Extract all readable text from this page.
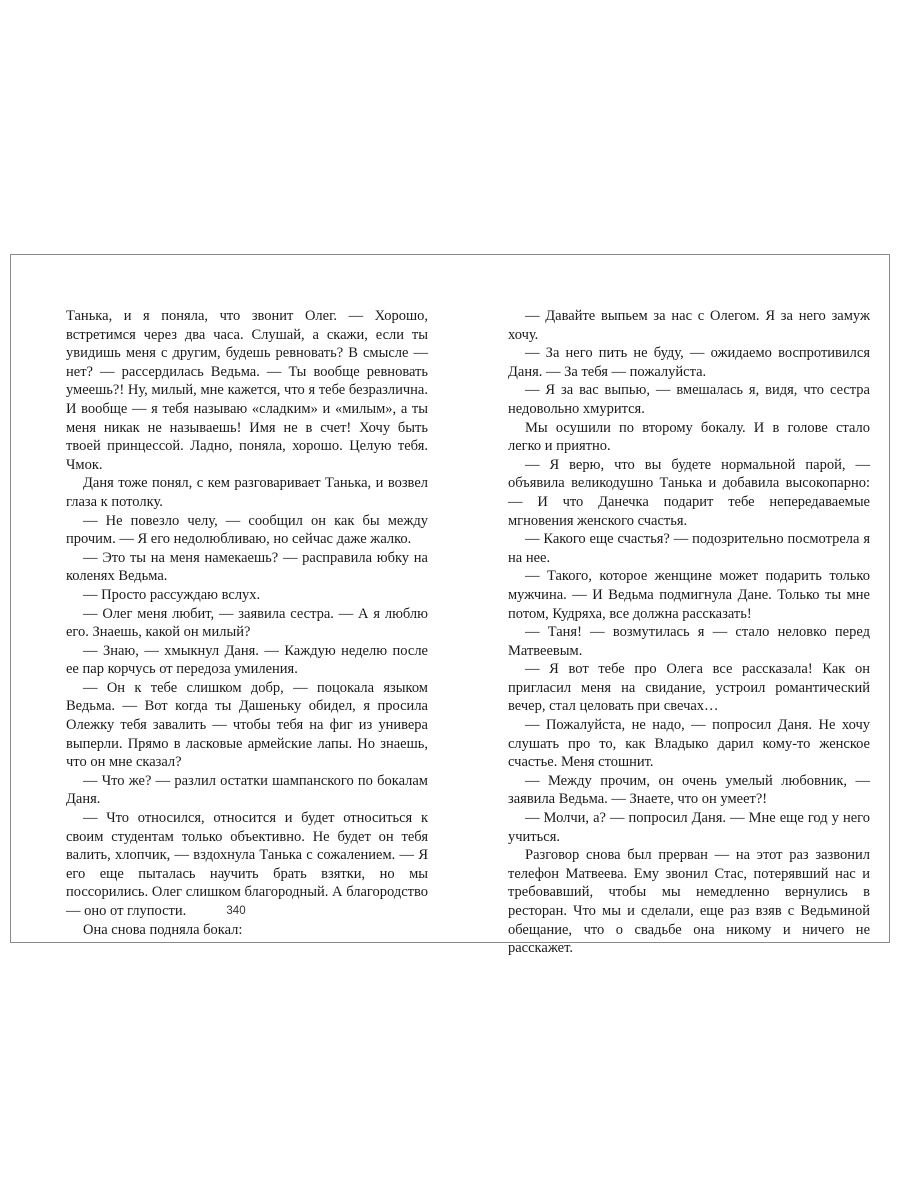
Танька, и я поняла, что звонит Олег. — Хорошо, встретимся через два часа. Слушай, а скажи, если ты увидишь меня с другим, будешь ревновать? В смысле — нет? — рассердилась Ведьма. — Ты вообще ревновать умеешь?! Ну, милый, мне кажется, что я тебе безразлична. И вообще — я тебя называю «сладким» и «милым», а ты меня никак не называешь! Имя не в счет! Хочу быть твоей принцессой. Ладно, поняла, хорошо. Целую тебя. Чмок.

Даня тоже понял, с кем разговаривает Танька, и возвел глаза к потолку.

— Не повезло челу, — сообщил он как бы между прочим. — Я его недолюбливаю, но сейчас даже жалко.

— Это ты на меня намекаешь? — расправила юбку на коленях Ведьма.

— Просто рассуждаю вслух.

— Олег меня любит, — заявила сестра. — А я люблю его. Знаешь, какой он милый?

— Знаю, — хмыкнул Даня. — Каждую неделю после ее пар корчусь от передоза умиления.

— Он к тебе слишком добр, — поцокала языком Ведьма. — Вот когда ты Дашеньку обидел, я просила Олежку тебя завалить — чтобы тебя на фиг из универа выперли. Прямо в ласковые армейские лапы. Но знаешь, что он мне сказал?

— Что же? — разлил остатки шампанского по бокалам Даня.

— Что относился, относится и будет относиться к своим студентам только объективно. Не будет он тебя валить, хлопчик, — вздохнула Танька с сожалением. — Я его еще пыталась научить брать взятки, но мы поссорились. Олег слишком благородный. А благородство — оно от глупости.

Она снова подняла бокал:

340

— Давайте выпьем за нас с Олегом. Я за него замуж хочу.

— За него пить не буду, — ожидаемо воспротивился Даня. — За тебя — пожалуйста.

— Я за вас выпью, — вмешалась я, видя, что сестра недовольно хмурится.

Мы осушили по второму бокалу. И в голове стало легко и приятно.

— Я верю, что вы будете нормальной парой, — объявила великодушно Танька и добавила высокопарно: — И что Данечка подарит тебе непередаваемые мгновения женского счастья.

— Какого еще счастья? — подозрительно посмотрела я на нее.

— Такого, которое женщине может подарить только мужчина. — И Ведьма подмигнула Дане. Только ты мне потом, Кудряха, все должна рассказать!

— Таня! — возмутилась я — стало неловко перед Матвеевым.

— Я вот тебе про Олега все рассказала! Как он пригласил меня на свидание, устроил романтический вечер, стал целовать при свечах…

— Пожалуйста, не надо, — попросил Даня. Не хочу слушать про то, как Владыко дарил кому-то женское счастье. Меня стошнит.

— Между прочим, он очень умелый любовник, — заявила Ведьма. — Знаете, что он умеет?!

— Молчи, а? — попросил Даня. — Мне еще год у него учиться.

Разговор снова был прерван — на этот раз зазвонил телефон Матвеева. Ему звонил Стас, потерявший нас и требовавший, чтобы мы немедленно вернулись в ресторан. Что мы и сделали, еще раз взяв с Ведьминой обещание, что о свадьбе она никому и ничего не расскажет.
